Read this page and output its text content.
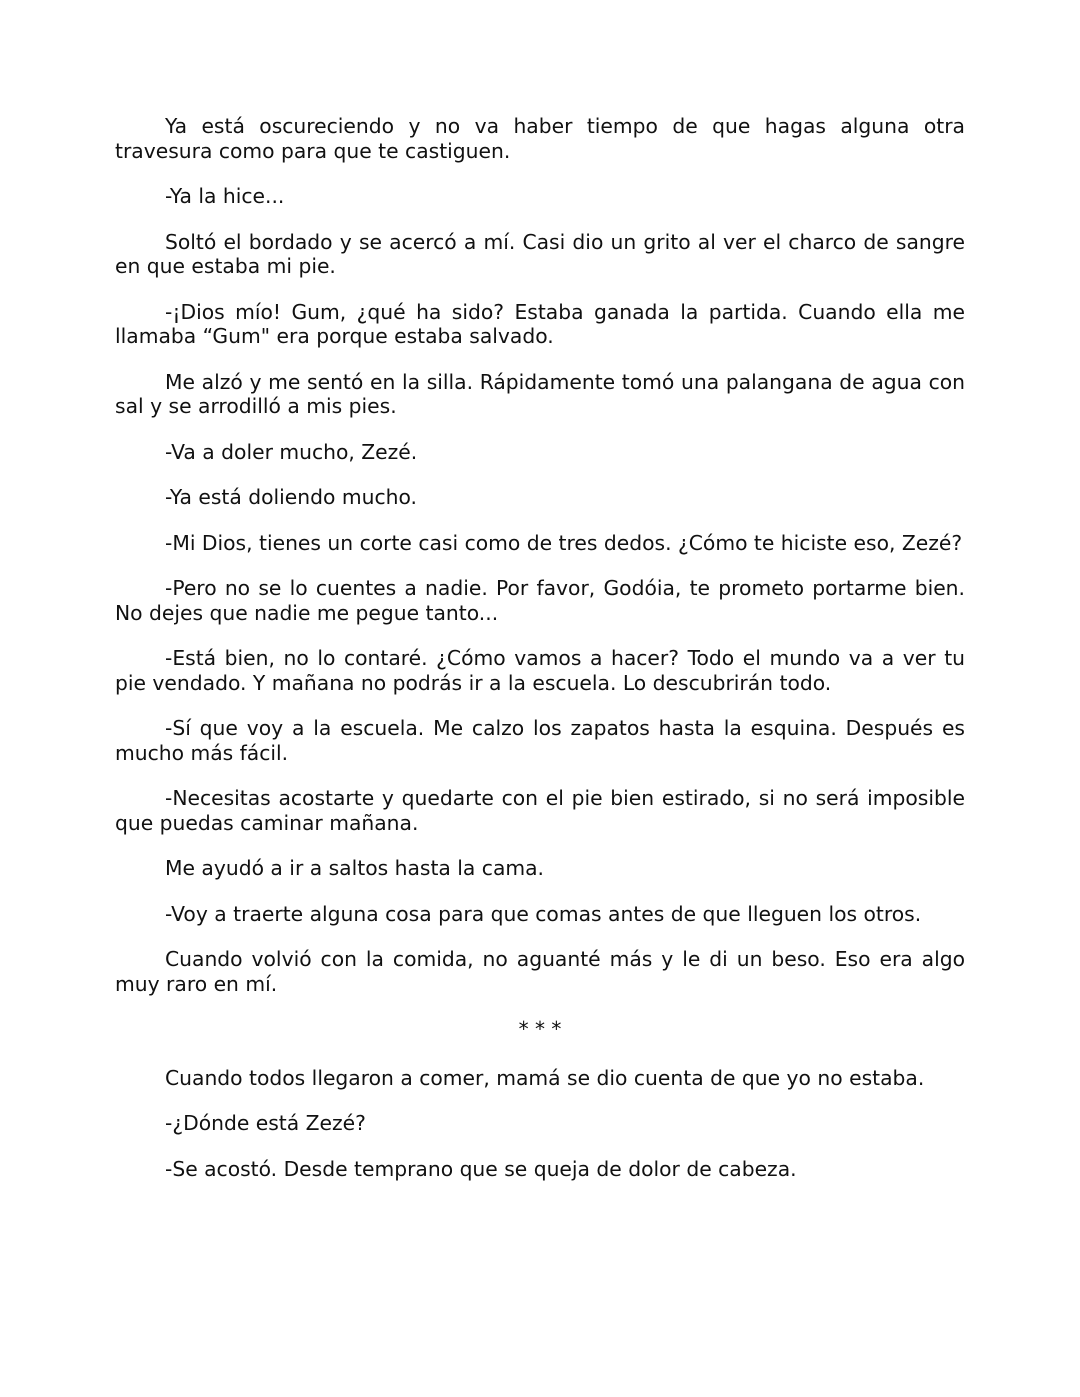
Ya está oscureciendo y no va haber tiempo de que hagas alguna otra travesura como para que te castiguen.

-Ya la hice...

Soltó el bordado y se acercó a mí. Casi dio un grito al ver el charco de sangre en que estaba mi pie.

-¡Dios mío! Gum, ¿qué ha sido? Estaba ganada la partida. Cuando ella me llamaba “Gum" era porque estaba salvado.

Me alzó y me sentó en la silla. Rápidamente tomó una palangana de agua con sal y se arrodilló a mis pies.

-Va a doler mucho, Zezé.

-Ya está doliendo mucho.

-Mi Dios, tienes un corte casi como de tres dedos. ¿Cómo te hiciste eso, Zezé?

-Pero no se lo cuentes a nadie. Por favor, Godóia, te prometo portarme bien. No dejes que nadie me pegue tanto...

-Está bien, no lo contaré. ¿Cómo vamos a hacer? Todo el mundo va a ver tu pie vendado. Y mañana no podrás ir a la escuela. Lo descubrirán todo.

-Sí que voy a la escuela. Me calzo los zapatos hasta la esquina. Después es mucho más fácil.

-Necesitas acostarte y quedarte con el pie bien estirado, si no será imposible que puedas caminar mañana.

Me ayudó a ir a saltos hasta la cama.

-Voy a traerte alguna cosa para que comas antes de que lleguen los otros.

Cuando volvió con la comida, no aguanté más y le di un beso. Eso era algo muy raro en mí.

* * *

Cuando todos llegaron a comer, mamá se dio cuenta de que yo no estaba.

-¿Dónde está Zezé?

-Se acostó. Desde temprano que se queja de dolor de cabeza.
